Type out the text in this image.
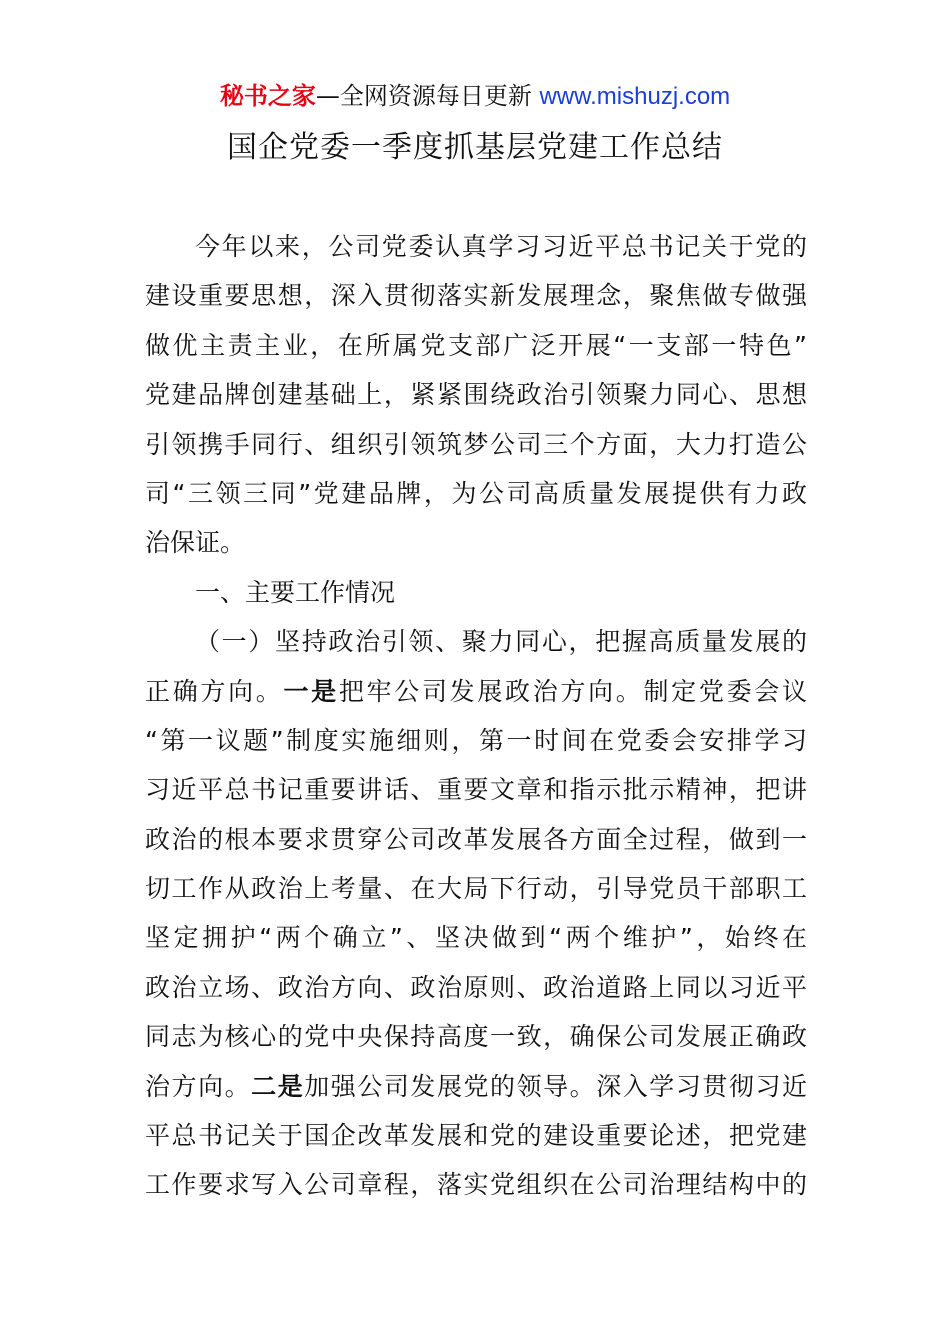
秘书之家—全网资源每日更新 www.mishuzj.com
国企党委一季度抓基层党建工作总结
今年以来，公司党委认真学习习近平总书记关于党的
建设重要思想，深入贯彻落实新发展理念，聚焦做专做强
做优主责主业，在所属党支部广泛开展“一支部一特色”
党建品牌创建基础上，紧紧围绕政治引领聚力同心、思想
引领携手同行、组织引领筑梦公司三个方面，大力打造公
司“三领三同”党建品牌，为公司高质量发展提供有力政
治保证。
一、主要工作情况
（一）坚持政治引领、聚力同心，把握高质量发展的
正确方向。一是把牢公司发展政治方向。制定党委会议
“第一议题”制度实施细则，第一时间在党委会安排学习
习近平总书记重要讲话、重要文章和指示批示精神，把讲
政治的根本要求贯穿公司改革发展各方面全过程，做到一
切工作从政治上考量、在大局下行动，引导党员干部职工
坚定拥护“两个确立”、坚决做到“两个维护”，始终在
政治立场、政治方向、政治原则、政治道路上同以习近平
同志为核心的党中央保持高度一致，确保公司发展正确政
治方向。二是加强公司发展党的领导。深入学习贯彻习近
平总书记关于国企改革发展和党的建设重要论述，把党建
工作要求写入公司章程，落实党组织在公司治理结构中的
